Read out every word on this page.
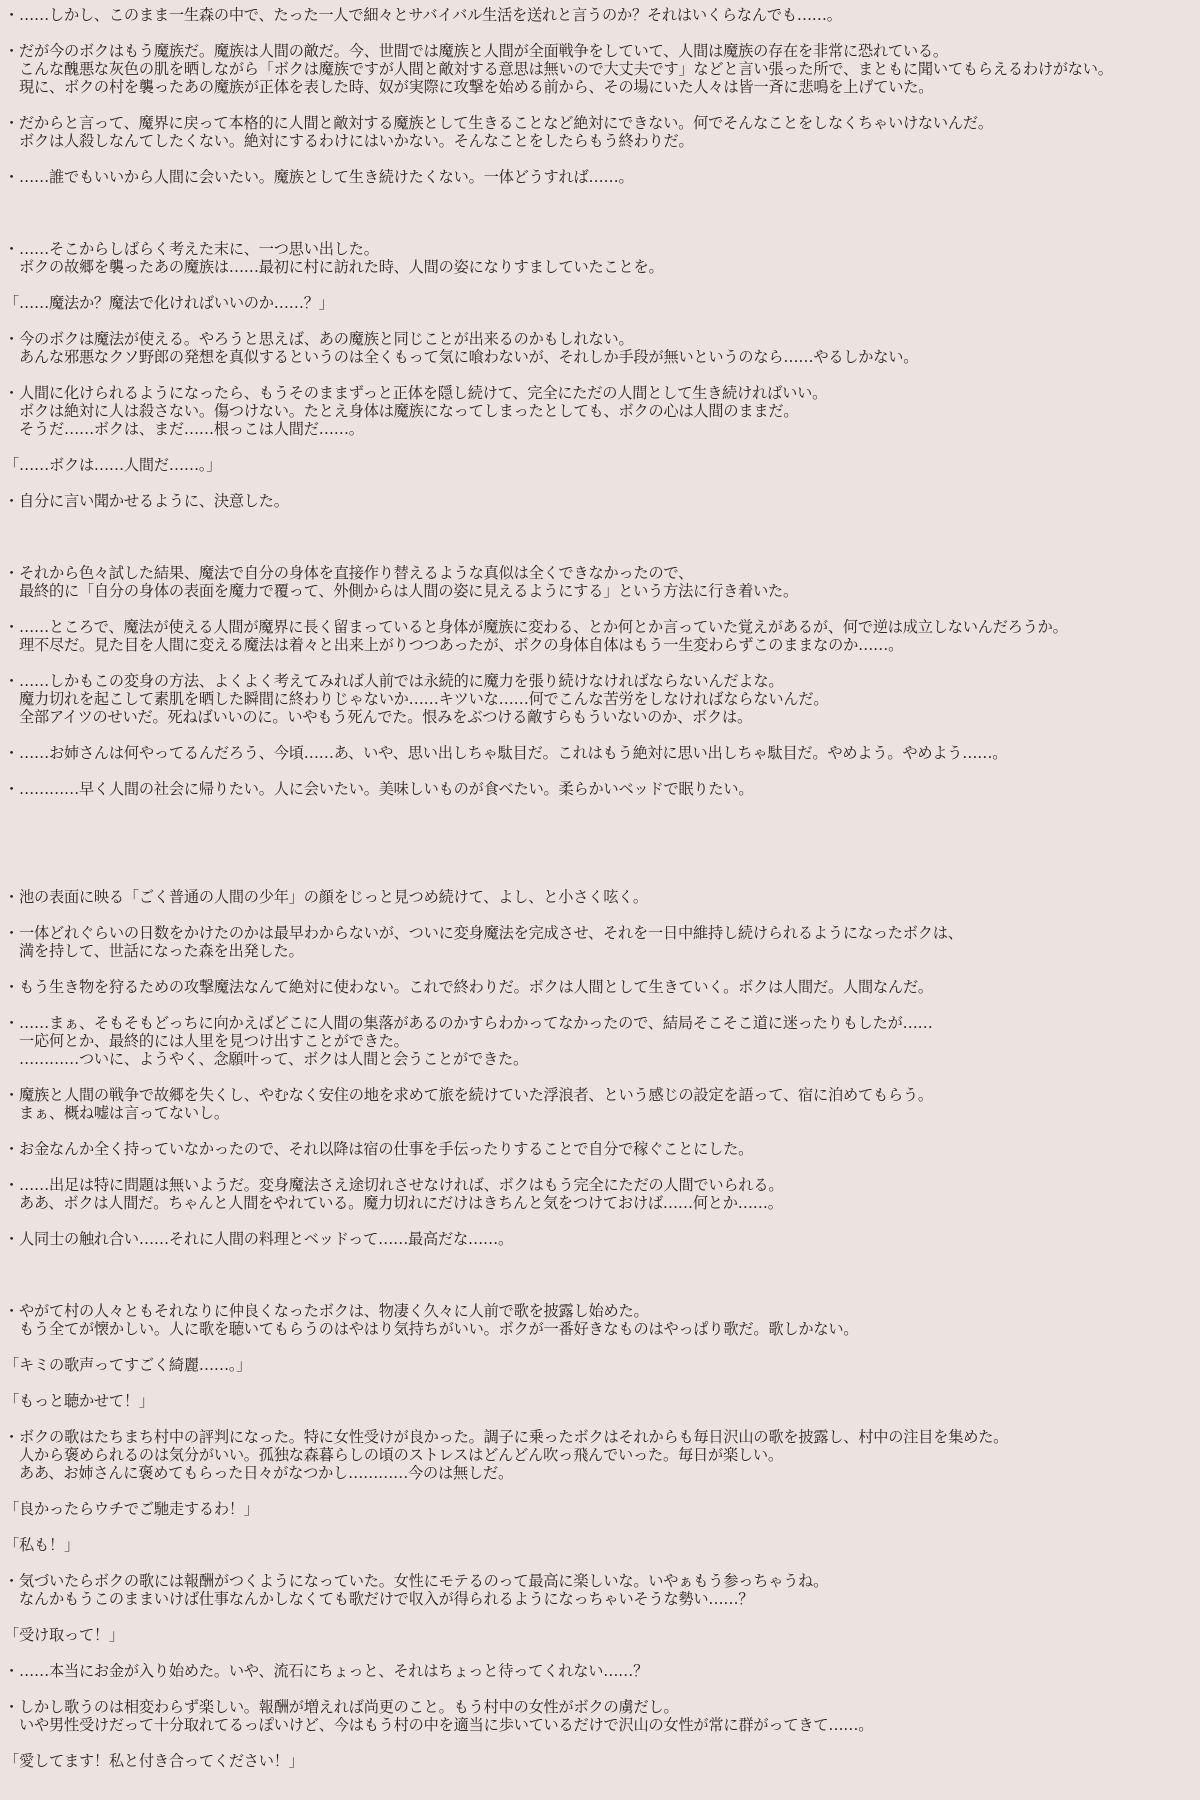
・……しかし、このまま一生森の中で、たった一人で細々とサバイバル生活を送れと言うのか？それはいくらなんでも……。
・だが今のボクはもう魔族だ。魔族は人間の敵だ。今、世間では魔族と人間が全面戦争をしていて、人間は魔族の存在を非常に恐れている。
　こんな醜悪な灰色の肌を晒しながら「ボクは魔族ですが人間と敵対する意思は無いので大丈夫です」などと言い張った所で、まともに聞いてもらえるわけがない。
　現に、ボクの村を襲ったあの魔族が正体を表した時、奴が実際に攻撃を始める前から、その場にいた人々は皆一斉に悲鳴を上げていた。
・だからと言って、魔界に戻って本格的に人間と敵対する魔族として生きることなど絶対にできない。何でそんなことをしなくちゃいけないんだ。
　ボクは人殺しなんてしたくない。絶対にするわけにはいかない。そんなことをしたらもう終わりだ。
・……誰でもいいから人間に会いたい。魔族として生き続けたくない。一体どうすれば……。
・……そこからしばらく考えた末に、一つ思い出した。
　ボクの故郷を襲ったあの魔族は……最初に村に訪れた時、人間の姿になりすましていたことを。
「……魔法か？魔法で化ければいいのか……？」
・今のボクは魔法が使える。やろうと思えば、あの魔族と同じことが出来るのかもしれない。
　あんな邪悪なクソ野郎の発想を真似するというのは全くもって気に喰わないが、それしか手段が無いというのなら……やるしかない。
・人間に化けられるようになったら、もうそのままずっと正体を隠し続けて、完全にただの人間として生き続ければいい。
　ボクは絶対に人は殺さない。傷つけない。たとえ身体は魔族になってしまったとしても、ボクの心は人間のままだ。
　そうだ……ボクは、まだ……根っこは人間だ……。
「……ボクは……人間だ……。」
・自分に言い聞かせるように、決意した。
・それから色々試した結果、魔法で自分の身体を直接作り替えるような真似は全くできなかったので、
　最終的に「自分の身体の表面を魔力で覆って、外側からは人間の姿に見えるようにする」という方法に行き着いた。
・……ところで、魔法が使える人間が魔界に長く留まっていると身体が魔族に変わる、とか何とか言っていた覚えがあるが、何で逆は成立しないんだろうか。
　理不尽だ。見た目を人間に変える魔法は着々と出来上がりつつあったが、ボクの身体自体はもう一生変わらずこのままなのか……。
・……しかもこの変身の方法、よくよく考えてみれば人前では永続的に魔力を張り続けなければならないんだよな。
　魔力切れを起こして素肌を晒した瞬間に終わりじゃないか……キツいな……何でこんな苦労をしなければならないんだ。
　全部アイツのせいだ。死ねばいいのに。いやもう死んでた。恨みをぶつける敵すらもういないのか、ボクは。
・……お姉さんは何やってるんだろう、今頃……あ、いや、思い出しちゃ駄目だ。これはもう絶対に思い出しちゃ駄目だ。やめよう。やめよう……。
・…………早く人間の社会に帰りたい。人に会いたい。美味しいものが食べたい。柔らかいベッドで眠りたい。
・池の表面に映る「ごく普通の人間の少年」の顔をじっと見つめ続けて、よし、と小さく呟く。
・一体どれぐらいの日数をかけたのかは最早わからないが、ついに変身魔法を完成させ、それを一日中維持し続けられるようになったボクは、
　満を持して、世話になった森を出発した。
・もう生き物を狩るための攻撃魔法なんて絶対に使わない。これで終わりだ。ボクは人間として生きていく。ボクは人間だ。人間なんだ。
・……まぁ、そもそもどっちに向かえばどこに人間の集落があるのかすらわかってなかったので、結局そこそこ道に迷ったりもしたが……
　一応何とか、最終的には人里を見つけ出すことができた。
　…………ついに、ようやく、念願叶って、ボクは人間と会うことができた。
・魔族と人間の戦争で故郷を失くし、やむなく安住の地を求めて旅を続けていた浮浪者、という感じの設定を語って、宿に泊めてもらう。
　まぁ、概ね嘘は言ってないし。
・お金なんか全く持っていなかったので、それ以降は宿の仕事を手伝ったりすることで自分で稼ぐことにした。
・……出足は特に問題は無いようだ。変身魔法さえ途切れさせなければ、ボクはもう完全にただの人間でいられる。
　ああ、ボクは人間だ。ちゃんと人間をやれている。魔力切れにだけはきちんと気をつけておけば……何とか……。
・人同士の触れ合い……それに人間の料理とベッドって……最高だな……。
・やがて村の人々ともそれなりに仲良くなったボクは、物凄く久々に人前で歌を披露し始めた。
　もう全てが懐かしい。人に歌を聴いてもらうのはやはり気持ちがいい。ボクが一番好きなものはやっぱり歌だ。歌しかない。
「キミの歌声ってすごく綺麗……。」
「もっと聴かせて！」
・ボクの歌はたちまち村中の評判になった。特に女性受けが良かった。調子に乗ったボクはそれからも毎日沢山の歌を披露し、村中の注目を集めた。
　人から褒められるのは気分がいい。孤独な森暮らしの頃のストレスはどんどん吹っ飛んでいった。毎日が楽しい。
　ああ、お姉さんに褒めてもらった日々がなつかし…………今のは無しだ。
「良かったらウチでご馳走するわ！」
「私も！」
・気づいたらボクの歌には報酬がつくようになっていた。女性にモテるのって最高に楽しいな。いやぁもう参っちゃうね。
　なんかもうこのままいけば仕事なんかしなくても歌だけで収入が得られるようになっちゃいそうな勢い……？
「受け取って！」
・……本当にお金が入り始めた。いや、流石にちょっと、それはちょっと待ってくれない……？
・しかし歌うのは相変わらず楽しい。報酬が増えれば尚更のこと。もう村中の女性がボクの虜だし。
　いや男性受けだって十分取れてるっぽいけど、今はもう村の中を適当に歩いているだけで沢山の女性が常に群がってきて……。
「愛してます！私と付き合ってください！」
